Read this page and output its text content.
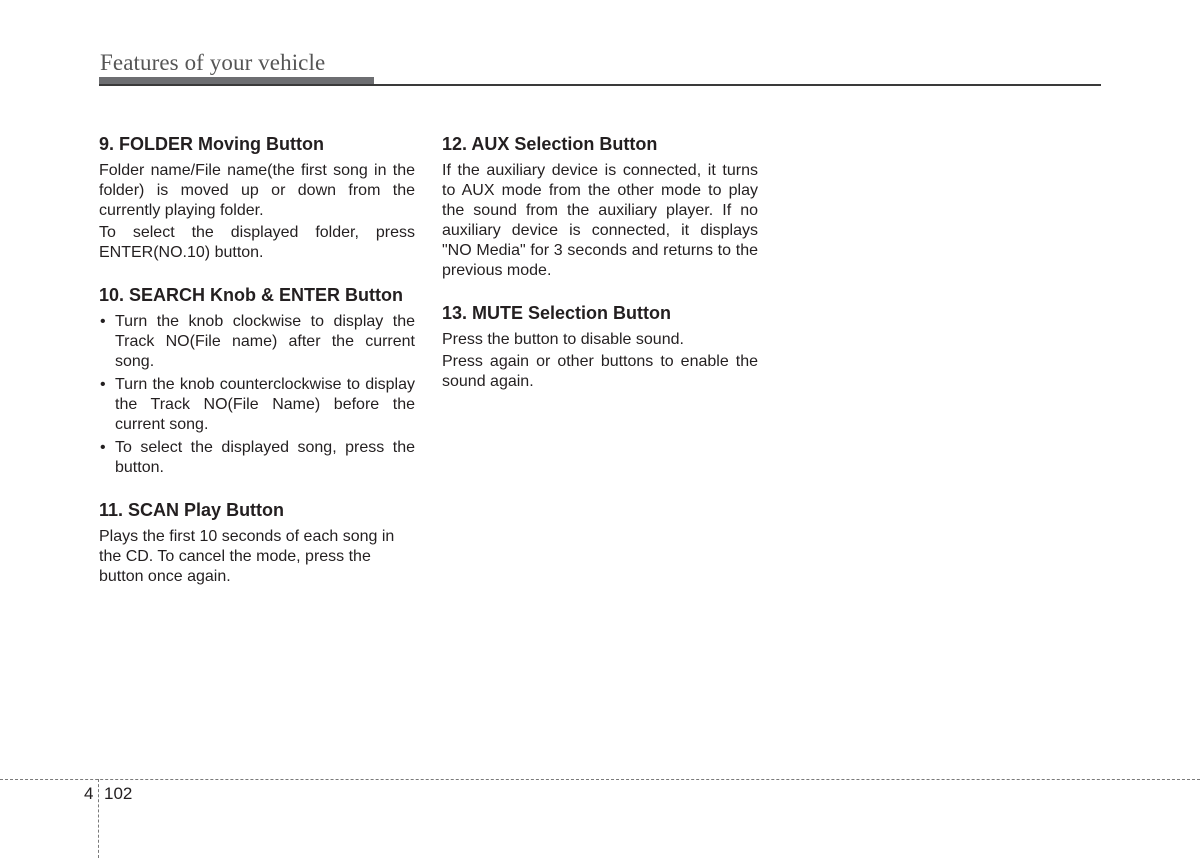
Features of your vehicle
9. FOLDER Moving Button

Folder name/File name(the first song in the folder) is moved up or down from the currently playing folder.

To select the displayed folder, press ENTER(NO.10) button.

10. SEARCH Knob & ENTER Button
• Turn the knob clockwise to display the Track NO(File name) after the current song.
• Turn the knob counterclockwise to display the Track NO(File Name) before the current song.
• To select the displayed song, press the button.
11. SCAN Play Button

Plays the first 10 seconds of each song in the CD. To cancel the mode, press the button once again.

12. AUX Selection Button

If the auxiliary device is connected, it turns to AUX mode from the other mode to play the sound from the auxiliary player. If no auxiliary device is connected, it displays "NO Media" for 3 seconds and returns to the previous mode.

13. MUTE Selection Button

Press the button to disable sound.

Press again or other buttons to enable the sound again.

4 102
